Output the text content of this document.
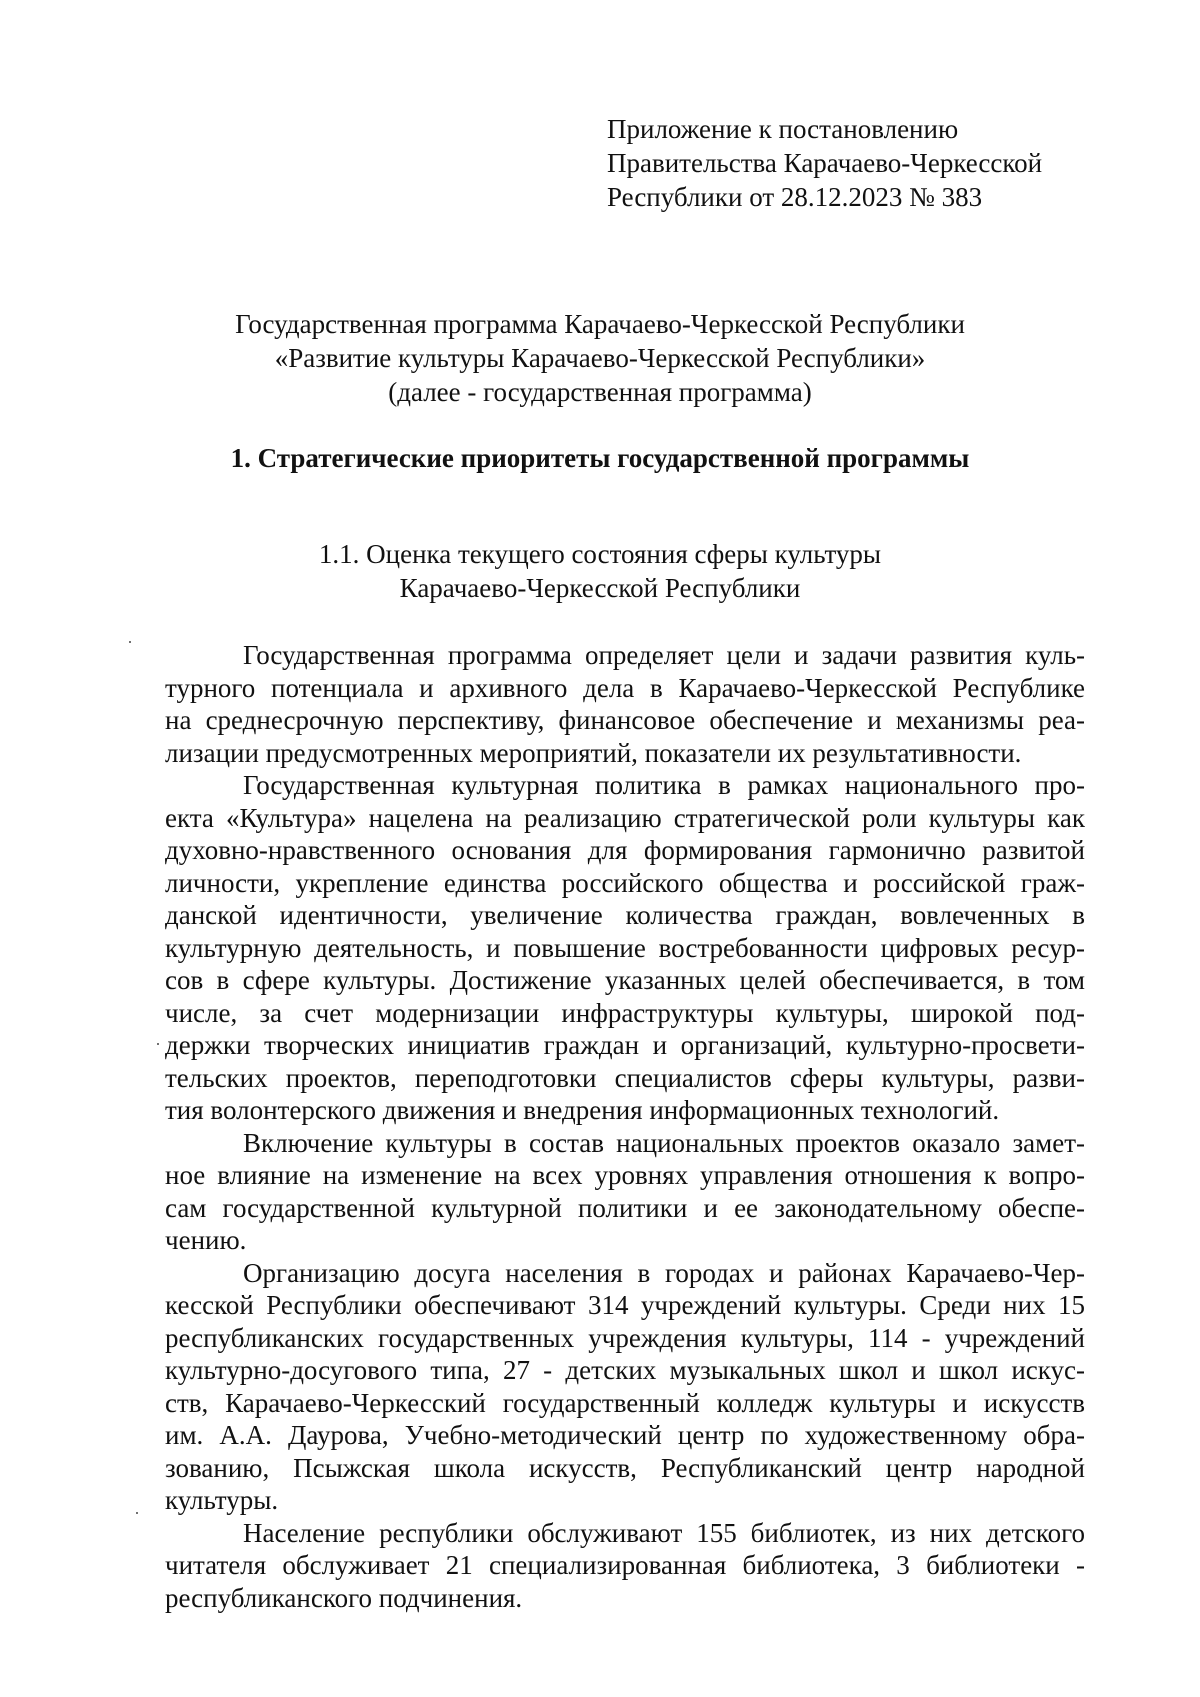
Приложение к постановлению
Правительства Карачаево-Черкесской
Республики от 28.12.2023 № 383
Государственная программа Карачаево-Черкесской Республики
«Развитие культуры Карачаево-Черкесской Республики»
(далее - государственная программа)
1. Стратегические приоритеты государственной программы
1.1. Оценка текущего состояния сферы культуры
Карачаево-Черкесской Республики
Государственная программа определяет цели и задачи развития куль-
турного потенциала и архивного дела в Карачаево-Черкесской Республике
на среднесрочную перспективу, финансовое обеспечение и механизмы реа-
лизации предусмотренных мероприятий, показатели их результативности.
Государственная культурная политика в рамках национального про-
екта «Культура» нацелена на реализацию стратегической роли культуры как
духовно-нравственного основания для формирования гармонично развитой
личности, укрепление единства российского общества и российской граж-
данской идентичности, увеличение количества граждан, вовлеченных в
культурную деятельность, и повышение востребованности цифровых ресур-
сов в сфере культуры. Достижение указанных целей обеспечивается, в том
числе, за счет модернизации инфраструктуры культуры, широкой под-
держки творческих инициатив граждан и организаций, культурно-просвети-
тельских проектов, переподготовки специалистов сферы культуры, разви-
тия волонтерского движения и внедрения информационных технологий.
Включение культуры в состав национальных проектов оказало замет-
ное влияние на изменение на всех уровнях управления отношения к вопро-
сам государственной культурной политики и ее законодательному обеспе-
чению.
Организацию досуга населения в городах и районах Карачаево-Чер-
кесской Республики обеспечивают 314 учреждений культуры. Среди них 15
республиканских государственных учреждения культуры, 114 - учреждений
культурно-досугового типа, 27 - детских музыкальных школ и школ искус-
ств, Карачаево-Черкесский государственный колледж культуры и искусств
им. А.А. Даурова, Учебно-методический центр по художественному обра-
зованию, Псыжская школа искусств, Республиканский центр народной
культуры.
Население республики обслуживают 155 библиотек, из них детского
читателя обслуживает 21 специализированная библиотека, 3 библиотеки -
республиканского подчинения.
